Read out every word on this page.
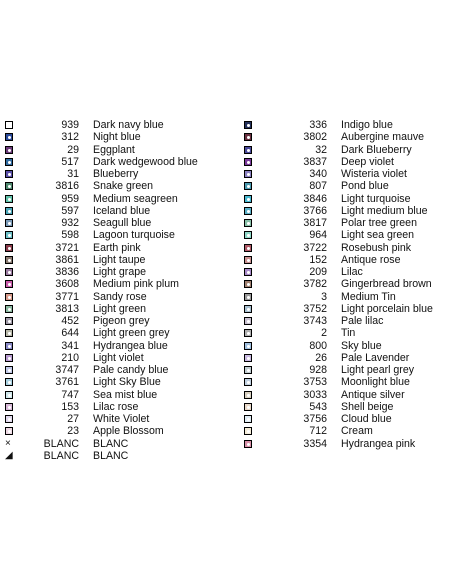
939 Dark navy blue
312 Night blue
29 Eggplant
517 Dark wedgewood blue
31 Blueberry
3816 Snake green
959 Medium seagreen
597 Iceland blue
932 Seagull blue
598 Lagoon turquoise
3721 Earth pink
3861 Light taupe
3836 Light grape
3608 Medium pink plum
3771 Sandy rose
3813 Light green
452 Pigeon grey
644 Light green grey
341 Hydrangea blue
210 Light violet
3747 Pale candy blue
3761 Light Sky Blue
747 Sea mist blue
153 Lilac rose
27 White Violet
23 Apple Blossom
×	BLANC BLANC
◢	BLANC BLANC
336 Indigo blue
3802 Aubergine mauve
32 Dark Blueberry
3837 Deep violet
340 Wisteria violet
807 Pond blue
3846 Light turquoise
3766 Light medium blue
3817 Polar tree green
964 Light sea green
3722 Rosebush pink
152 Antique rose
209 Lilac
3782 Gingerbread brown
3 Medium Tin
3752 Light porcelain blue
3743 Pale lilac
2 Tin
800 Sky blue
26 Pale Lavender
928 Light pearl grey
3753 Moonlight blue
3033 Antique silver
543 Shell beige
3756 Cloud blue
712 Cream
3354 Hydrangea pink
